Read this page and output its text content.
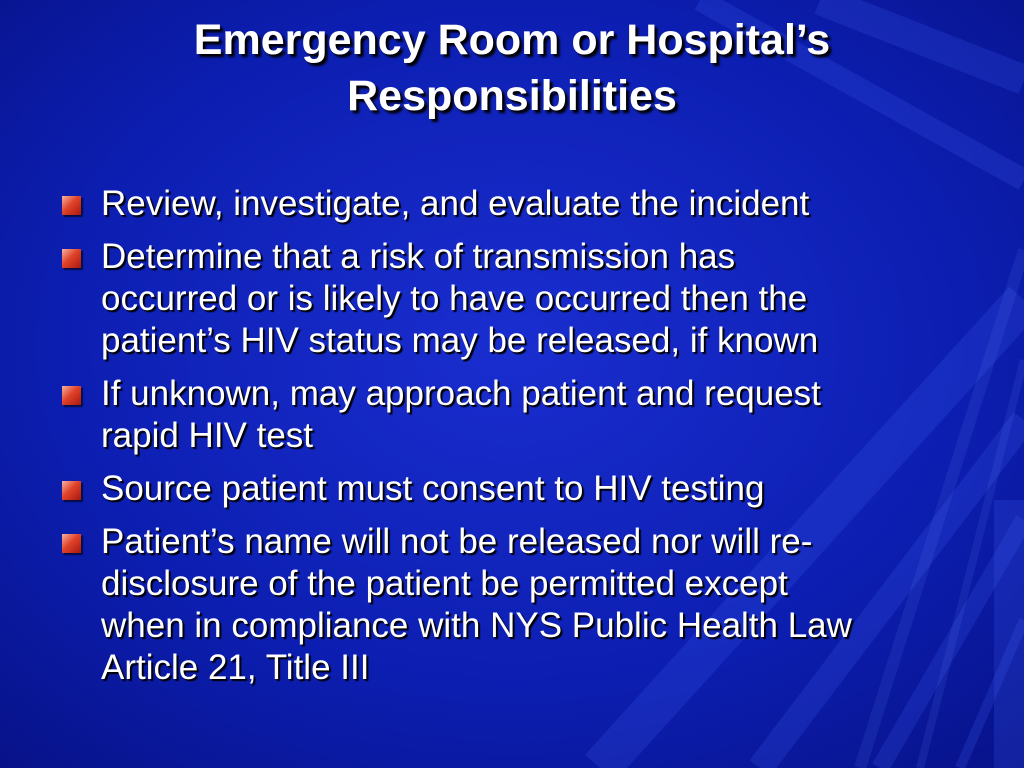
Emergency Room or Hospital’s
Responsibilities
Review, investigate, and evaluate the incident
Determine that a risk of transmission has
occurred or is likely to have occurred then the
patient’s HIV status may be released, if known
If unknown, may approach patient and request
rapid HIV test
Source patient must consent to HIV testing
Patient’s name will not be released nor will re-
disclosure of the patient be permitted except
when in compliance with NYS Public Health Law
Article 21, Title III
